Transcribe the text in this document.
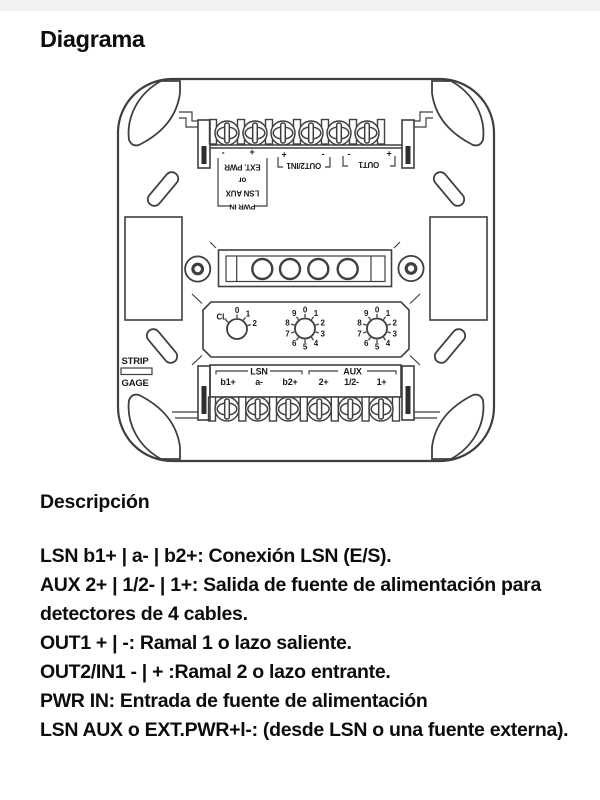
Diagrama
EXT. PWR
or
LSN AUX
PWR IN
-	+
OUT2/IN1
+	-
OUT1
-	+
0 1
2
CL
0 1
2
3
4
5
6
7
8
9	0 1
2
3
4
5
6
7
8
9
LSN	AUX
b1+ a- b2+ 2+ 1/2- 1+
STRIP
GAGE
Descripción
LSN b1+ | a- | b2+: Conexión LSN (E/S).
AUX 2+ | 1/2- | 1+: Salida de fuente de alimentación para
detectores de 4 cables.
OUT1 + | -: Ramal 1 o lazo saliente.
OUT2/IN1 - | + :Ramal 2 o lazo entrante.
PWR IN: Entrada de fuente de alimentación
LSN AUX o EXT.PWR+l-: (desde LSN o una fuente externa).
